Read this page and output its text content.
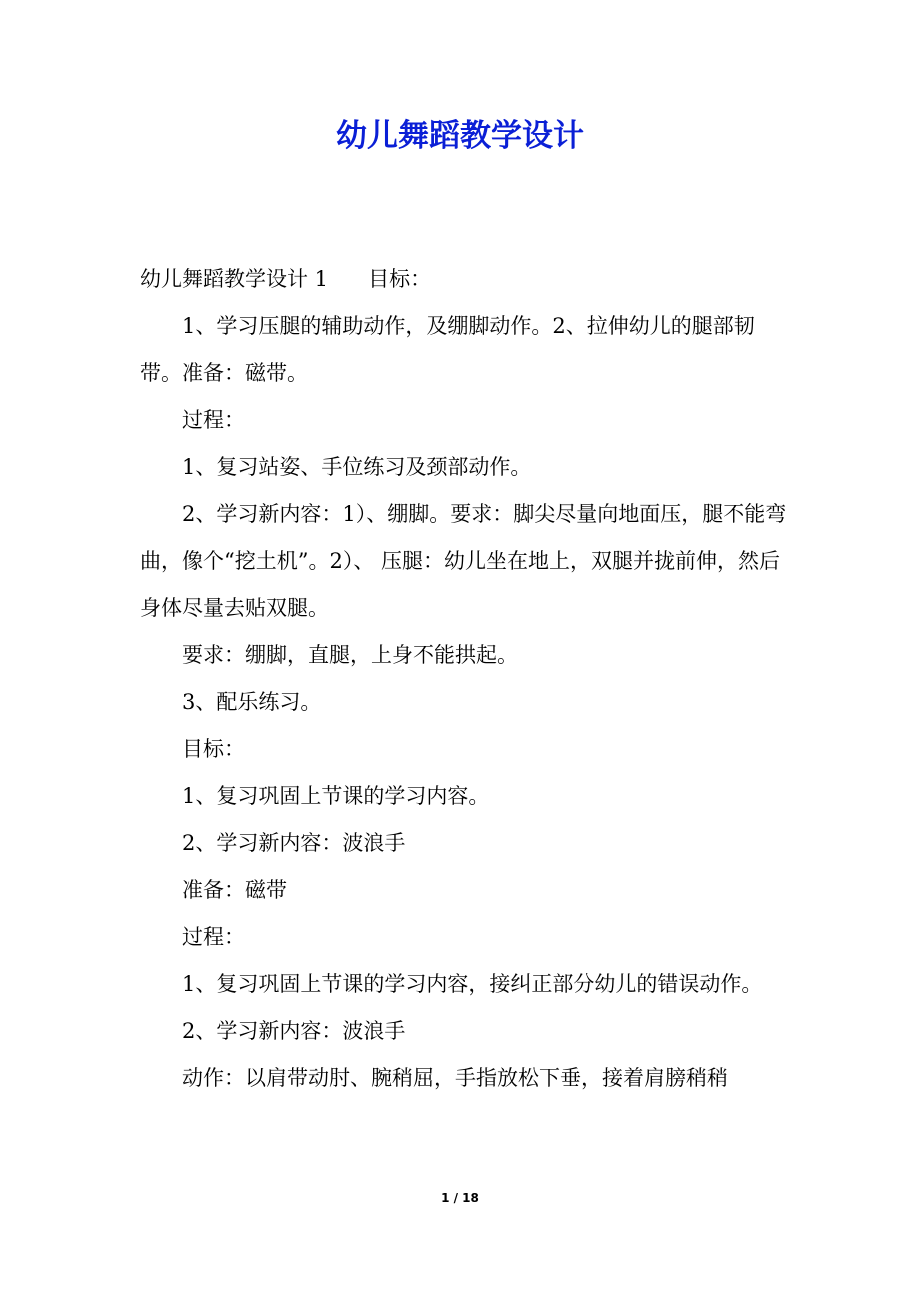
幼儿舞蹈教学设计

幼儿舞蹈教学设计 1      目标：

1、学习压腿的辅助动作，及绷脚动作。2、拉伸幼儿的腿部韧带。准备：磁带。

过程：

1、复习站姿、手位练习及颈部动作。

2、学习新内容：1）、绷脚。要求：脚尖尽量向地面压，腿不能弯曲，像个“挖土机”。2）、 压腿：幼儿坐在地上，双腿并拢前伸，然后身体尽量去贴双腿。

要求：绷脚，直腿，上身不能拱起。

3、配乐练习。

目标：

1、复习巩固上节课的学习内容。

2、学习新内容：波浪手

准备：磁带

过程：

1、复习巩固上节课的学习内容，接纠正部分幼儿的错误动作。

2、学习新内容：波浪手

动作：以肩带动肘、腕稍屈，手指放松下垂，接着肩膀稍稍

1 / 18
